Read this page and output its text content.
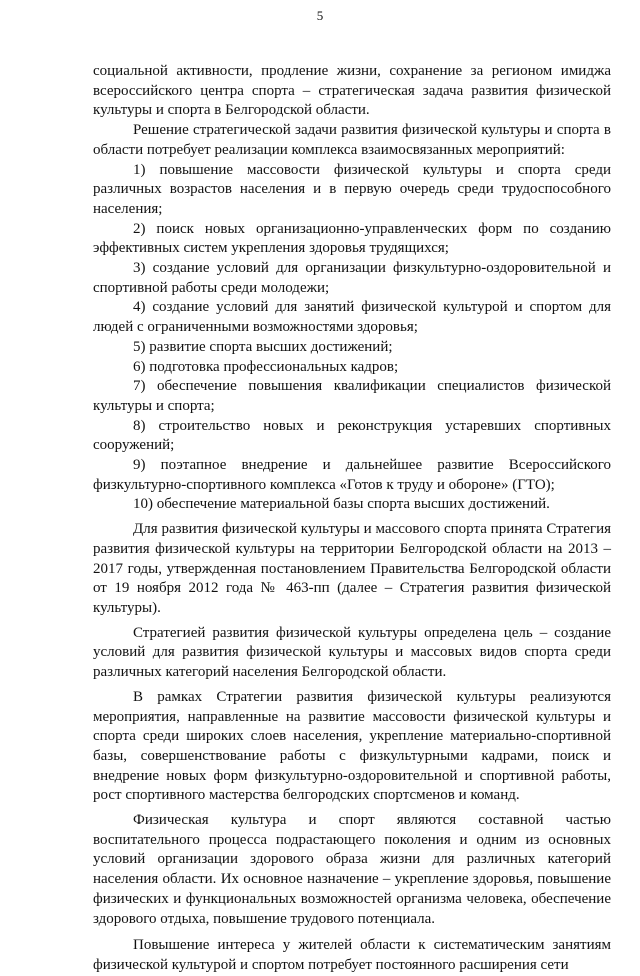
5

социальной активности, продление жизни, сохранение за регионом имиджа всероссийского центра спорта – стратегическая задача развития физической культуры и спорта в Белгородской области.

Решение стратегической задачи развития физической культуры и спорта в области потребует реализации комплекса взаимосвязанных мероприятий:

1) повышение массовости физической культуры и спорта среди различных возрастов населения и в первую очередь среди трудоспособного населения;

2) поиск новых организационно-управленческих форм по созданию эффективных систем укрепления здоровья трудящихся;

3) создание условий для организации физкультурно-оздоровительной и спортивной работы среди молодежи;

4) создание условий для занятий физической культурой и спортом для людей с ограниченными возможностями здоровья;

5) развитие спорта высших достижений;

6) подготовка профессиональных кадров;

7) обеспечение повышения квалификации специалистов физической культуры и спорта;

8) строительство новых и реконструкция устаревших спортивных сооружений;

9) поэтапное внедрение и дальнейшее развитие Всероссийского физкультурно-спортивного комплекса «Готов к труду и обороне» (ГТО);

10) обеспечение материальной базы спорта высших достижений.

Для развития физической культуры и массового спорта принята Стратегия развития физической культуры на территории Белгородской области на 2013 – 2017 годы, утвержденная постановлением Правительства Белгородской области от 19 ноября 2012 года № 463-пп (далее – Стратегия развития физической культуры).

Стратегией развития физической культуры определена цель – создание условий для развития физической культуры и массовых видов спорта среди различных категорий населения Белгородской области.

В рамках Стратегии развития физической культуры реализуются мероприятия, направленные на развитие массовости физической культуры и спорта среди широких слоев населения, укрепление материально-спортивной базы, совершенствование работы с физкультурными кадрами, поиск и внедрение новых форм физкультурно-оздоровительной и спортивной работы, рост спортивного мастерства белгородских спортсменов и команд.

Физическая культура и спорт являются составной частью воспитательного процесса подрастающего поколения и одним из основных условий организации здорового образа жизни для различных категорий населения области. Их основное назначение – укрепление здоровья, повышение физических и функциональных возможностей организма человека, обеспечение здорового отдыха, повышение трудового потенциала.

Повышение интереса у жителей области к систематическим занятиям физической культурой и спортом потребует постоянного расширения сети
